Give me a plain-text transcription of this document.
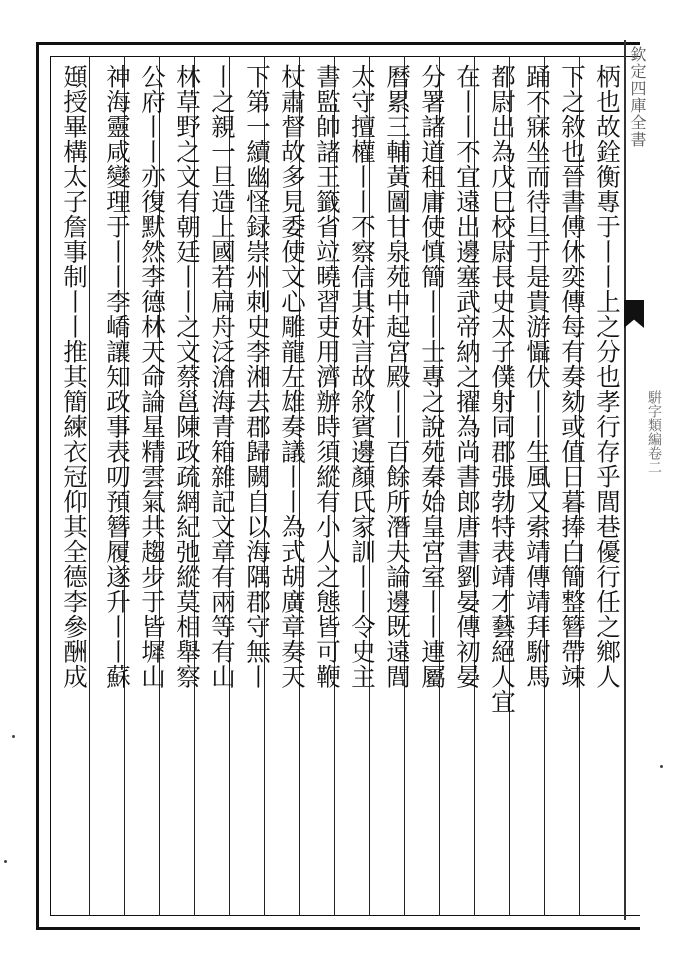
柄也故銓衡專于丨丨上之分也孝行存乎閭巷優行任之鄉人
下之敘也晉書傅休奕傳每有奏劾或值日暮捧白簡整簪帶竦
踊不寐坐而待旦于是貴游懾伏丨丨生風又索靖傳靖拜駙馬
都尉出為戊巳校尉長史太子僕射同郡張勃特表靖才藝絕人宜
在丨丨不宜遠出邊塞武帝納之擢為尚書郎唐書劉晏傳初晏
分署諸道租庸使慎簡丨丨士專之說苑秦始皇宮室丨丨連屬
曆累三輔黃圖甘泉苑中起宮殿丨丨百餘所潛夫論邊既遠閭
太守擅權丨丨不察信其奸言故敘賓邊顏氏家訓丨丨令史主
書監帥諸王籤省竝曉習吏用濟辦時須縱有小人之態皆可鞭
杖肅督故多見委使文心雕龍左雄奏議丨丨為式胡廣章奏天
下第一續幽怪録崇州刺史李湘去郡歸闕自以海隅郡守無丨
丨之親一旦造上國若扁舟泛滄海青箱雜記文章有兩等有山
林草野之文有朝廷丨丨之文蔡邕陳政疏網紀弛縱莫相舉察
公府丨丨亦復默然李德林天命論星精雲氣共趨步于皆墀山
神海靈咸變理于丨丨李嶠讓知政事表叨預簪履遂升丨丨蘇
頲授畢構太子詹事制丨丨推其簡練衣冠仰其全德李參酬成	欽定四庫全書
騈字類編卷二
